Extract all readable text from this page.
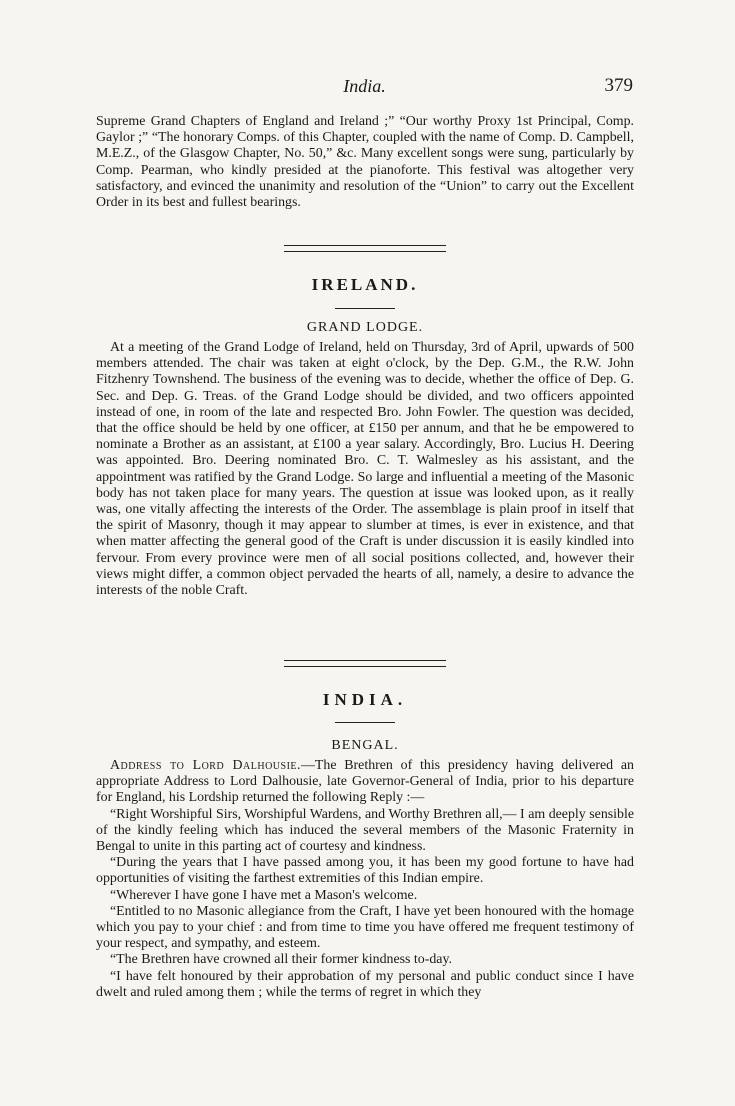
India.	379

Supreme Grand Chapters of England and Ireland ;” “Our worthy Proxy 1st Principal, Comp. Gaylor ;” “The honorary Comps. of this Chapter, coupled with the name of Comp. D. Campbell, M.E.Z., of the Glasgow Chapter, No. 50,” &c. Many excellent songs were sung, particularly by Comp. Pearman, who kindly presided at the pianoforte. This festival was altogether very satisfactory, and evinced the unanimity and resolution of the “Union” to carry out the Excellent Order in its best and fullest bearings.

IRELAND.
GRAND LODGE.

At a meeting of the Grand Lodge of Ireland, held on Thursday, 3rd of April, upwards of 500 members attended. The chair was taken at eight o'clock, by the Dep. G.M., the R.W. John Fitzhenry Townshend. The business of the evening was to decide, whether the office of Dep. G. Sec. and Dep. G. Treas. of the Grand Lodge should be divided, and two officers appointed instead of one, in room of the late and respected Bro. John Fowler. The question was decided, that the office should be held by one officer, at £150 per annum, and that he be empowered to nominate a Brother as an assistant, at £100 a year salary. Accordingly, Bro. Lucius H. Deering was appointed. Bro. Deering nominated Bro. C. T. Walmesley as his assistant, and the appointment was ratified by the Grand Lodge. So large and influential a meeting of the Masonic body has not taken place for many years. The question at issue was looked upon, as it really was, one vitally affecting the interests of the Order. The assemblage is plain proof in itself that the spirit of Masonry, though it may appear to slumber at times, is ever in existence, and that when matter affecting the general good of the Craft is under discussion it is easily kindled into fervour. From every province were men of all social positions collected, and, however their views might differ, a common object pervaded the hearts of all, namely, a desire to advance the interests of the noble Craft.

INDIA.
BENGAL.

Address to Lord Dalhousie.—The Brethren of this presidency having delivered an appropriate Address to Lord Dalhousie, late Governor-General of India, prior to his departure for England, his Lordship returned the following Reply :—

“Right Worshipful Sirs, Worshipful Wardens, and Worthy Brethren all,— I am deeply sensible of the kindly feeling which has induced the several members of the Masonic Fraternity in Bengal to unite in this parting act of courtesy and kindness.

“During the years that I have passed among you, it has been my good fortune to have had opportunities of visiting the farthest extremities of this Indian empire.

“Wherever I have gone I have met a Mason's welcome.

“Entitled to no Masonic allegiance from the Craft, I have yet been honoured with the homage which you pay to your chief : and from time to time you have offered me frequent testimony of your respect, and sympathy, and esteem.

“The Brethren have crowned all their former kindness to-day.

“I have felt honoured by their approbation of my personal and public conduct since I have dwelt and ruled among them ; while the terms of regret in which they
